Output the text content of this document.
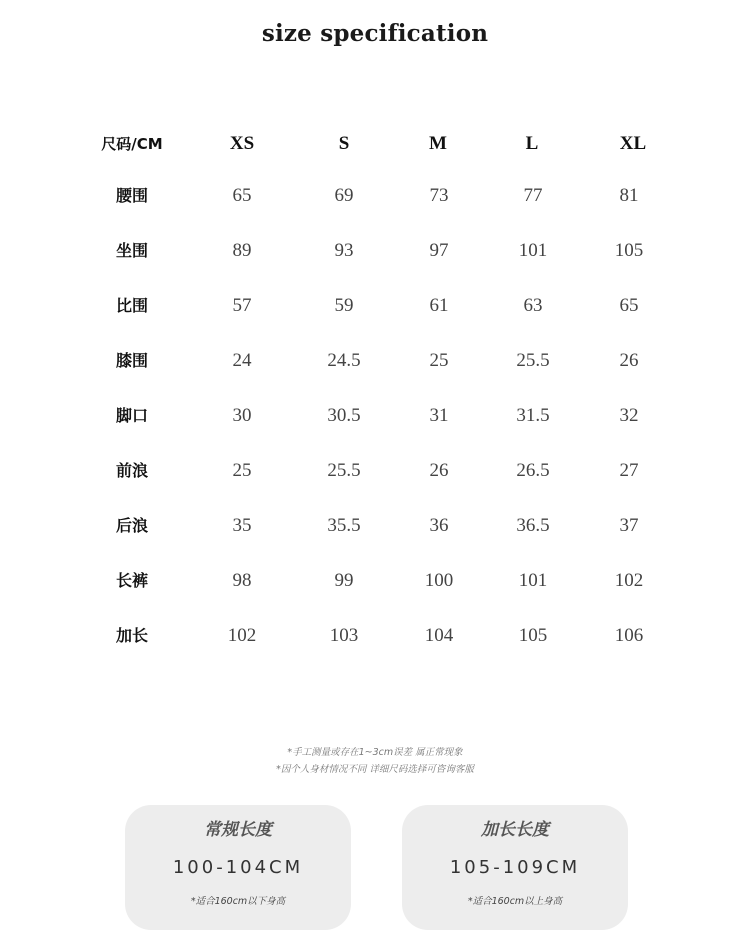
size specification
尺码/CM	XS	S	M	L	XL
腰围	65	69	73	77	81
坐围	89	93	97	101	105
比围	57	59	61	63	65
膝围	24	24.5	25	25.5	26
脚口	30	30.5	31	31.5	32
前浪	25	25.5	26	26.5	27
后浪	35	35.5	36	36.5	37
长裤	98	99	100	101	102
加长	102	103	104	105	106
*手工测量或存在1~3cm误差 属正常现象
*因个人身材情况不同 详细尺码选择可咨询客服
常规长度
100-104CM
*适合160cm以下身高
加长长度
105-109CM
*适合160cm以上身高
